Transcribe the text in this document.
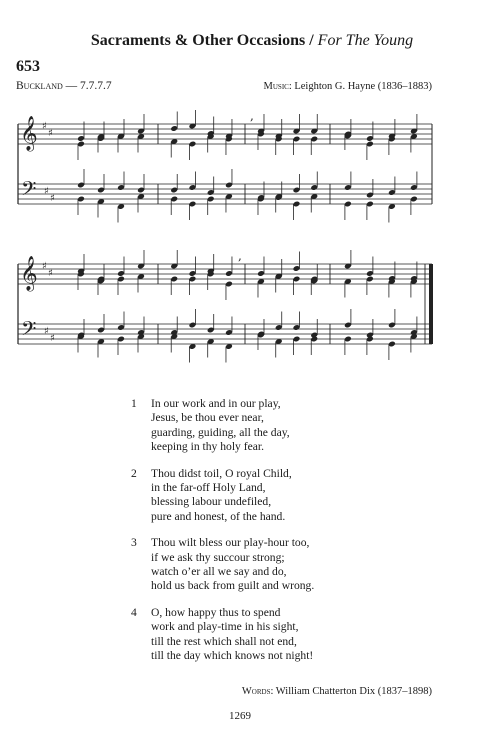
Sacraments & Other Occasions / For The Young
653
Buckland — 7.7.7.7	Music: Leighton G. Hayne (1836–1883)
𝄞
𝄢
♯
♯
♯
♯
,
𝄞
𝄢
♯
♯
♯
♯
,
1	In our work and in our play,
Jesus, be thou ever near,
guarding, guiding, all the day,
keeping in thy holy fear.
2	Thou didst toil, O royal Child,
in the far-off Holy Land,
blessing labour undefiled,
pure and honest, of the hand.
3	Thou wilt bless our play-hour too,
if we ask thy succour strong;
watch o’er all we say and do,
hold us back from guilt and wrong.
4	O, how happy thus to spend
work and play-time in his sight,
till the rest which shall not end,
till the day which knows not night!
Words: William Chatterton Dix (1837–1898)
1269
